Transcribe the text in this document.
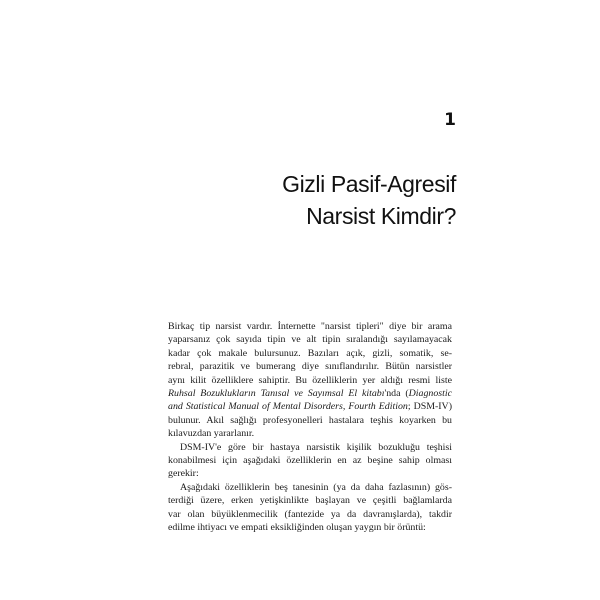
1
Gizli Pasif-Agresif
Narsist Kimdir?
Birkaç tip narsist vardır. İnternette "narsist tipleri" diye bir arama
yaparsanız çok sayıda tipin ve alt tipin sıralandığı sayılamayacak
kadar çok makale bulursunuz. Bazıları açık, gizli, somatik, se-
rebral, parazitik ve bumerang diye sınıflandırılır. Bütün narsistler
aynı kilit özelliklere sahiptir. Bu özelliklerin yer aldığı resmi liste
Ruhsal Bozuklukların Tanısal ve Sayımsal El kitabı'nda (Diagnostic
and Statistical Manual of Mental Disorders, Fourth Edition; DSM-IV)
bulunur. Akıl sağlığı profesyonelleri hastalara teşhis koyarken bu
kılavuzdan yararlanır.
DSM-IV'e göre bir hastaya narsistik kişilik bozukluğu teşhisi
konabilmesi için aşağıdaki özelliklerin en az beşine sahip olması
gerekir:
Aşağıdaki özelliklerin beş tanesinin (ya da daha fazlasının) gös-
terdiği üzere, erken yetişkinlikte başlayan ve çeşitli bağlamlarda
var olan büyüklenmecilik (fantezide ya da davranışlarda), takdir
edilme ihtiyacı ve empati eksikliğinden oluşan yaygın bir örüntü:
